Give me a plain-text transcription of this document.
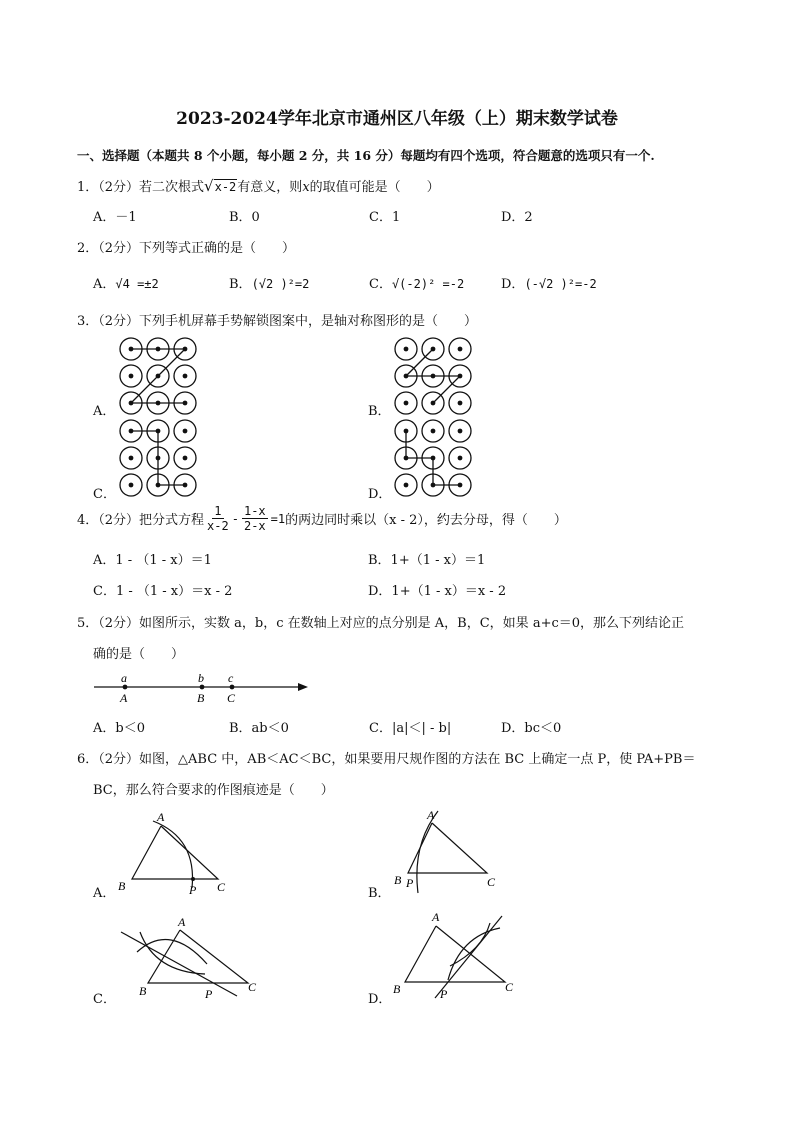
2023-2024学年北京市通州区八年级（上）期末数学试卷
一、选择题（本题共 8 个小题，每小题 2 分，共 16 分）每题均有四个选项，符合题意的选项只有一个.
1．（2分）若二次根式√x-2有意义，则x的取值可能是（　　）
A．－1	B．0	C．1	D．2
2．（2分）下列等式正确的是（　　）
A．√4 =±2	B．(√2 )²=2	C．√(-2)² =-2	D．(-√2 )²=-2
3．（2分）下列手机屏幕手势解锁图案中，是轴对称图形的是（　　）
A．	B．
C．	D．
4．（2分）把分式方程 $\frac{1}{x-2} - \frac{1-x}{2-x} =1$ 的两边同时乘以（x - 2），约去分母，得（　　）
A．1 - （1 - x）＝1	B．1+（1 - x）＝1
C．1 - （1 - x）＝x - 2	D．1+（1 - x）＝x - 2
5．（2分）如图所示，实数 a，b，c 在数轴上对应的点分别是 A，B，C，如果 a+c＝0，那么下列结论正
确的是（　　）
a	b c
A	B C
A．b＜0	B．ab＜0	C．|a|＜| - b|	D．bc＜0
6．（2分）如图，△ABC 中，AB＜AC＜BC，如果要用尺规作图的方法在 BC 上确定一点 P，使 PA+PB＝
BC，那么符合要求的作图痕迹是（　　）
A．	B．
C．	D．
A
B	P C
A
B P	C
A
B	P	C
A
B	P	C
